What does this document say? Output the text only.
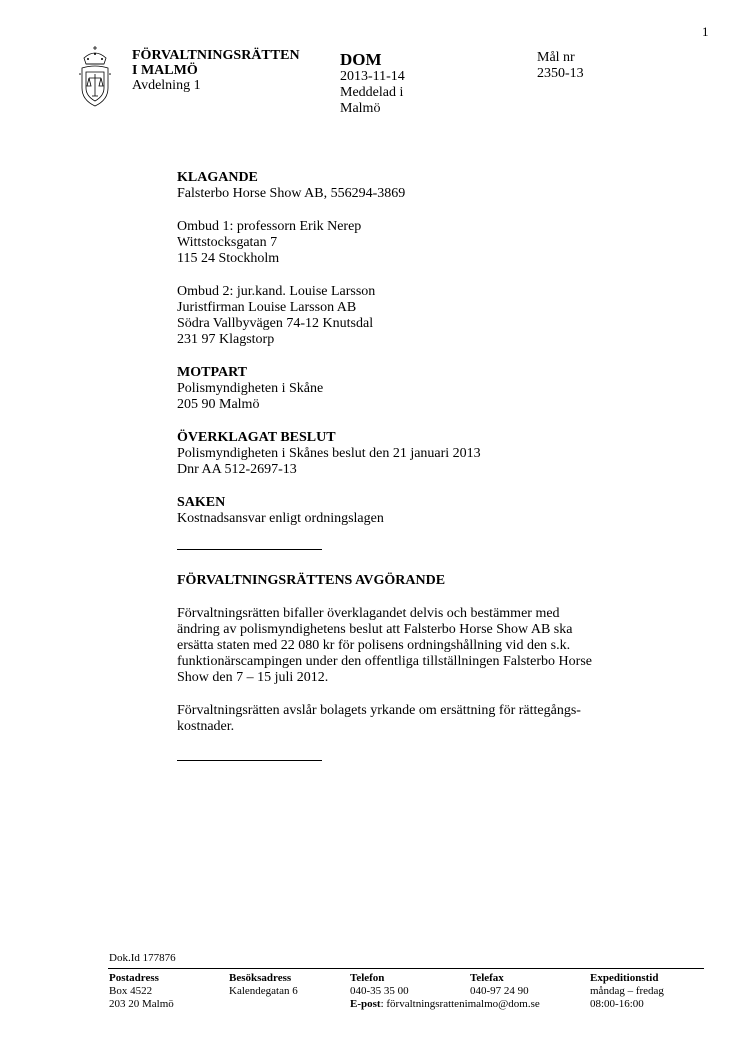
1
FÖRVALTNINGSRÄTTEN
I MALMÖ
Avdelning 1
DOM
2013-11-14
Meddelad i
Malmö
Mål nr
2350-13
KLAGANDE
Falsterbo Horse Show AB, 556294-3869
Ombud 1: professorn Erik Nerep
Wittstocksgatan 7
115 24 Stockholm
Ombud 2: jur.kand. Louise Larsson
Juristfirman Louise Larsson AB
Södra Vallbyvägen 74-12 Knutsdal
231 97 Klagstorp
MOTPART
Polismyndigheten i Skåne
205 90 Malmö
ÖVERKLAGAT BESLUT
Polismyndigheten i Skånes beslut den 21 januari 2013
Dnr AA 512-2697-13
SAKEN
Kostnadsansvar enligt ordningslagen
FÖRVALTNINGSRÄTTENS AVGÖRANDE
Förvaltningsrätten bifaller överklagandet delvis och bestämmer med
ändring av polismyndighetens beslut att Falsterbo Horse Show AB ska
ersätta staten med 22 080 kr för polisens ordningshållning vid den s.k.
funktionärscampingen under den offentliga tillställningen Falsterbo Horse
Show den 7 – 15 juli 2012.
Förvaltningsrätten avslår bolagets yrkande om ersättning för rättegångs-
kostnader.
Dok.Id 177876
Postadress
Box 4522
203 20 Malmö
Besöksadress
Kalendegatan 6
Telefon
040-35 35 00
E-post: förvaltningsrattenimalmo@dom.se
Telefax
040-97 24 90
Expeditionstid
måndag – fredag
08:00-16:00
